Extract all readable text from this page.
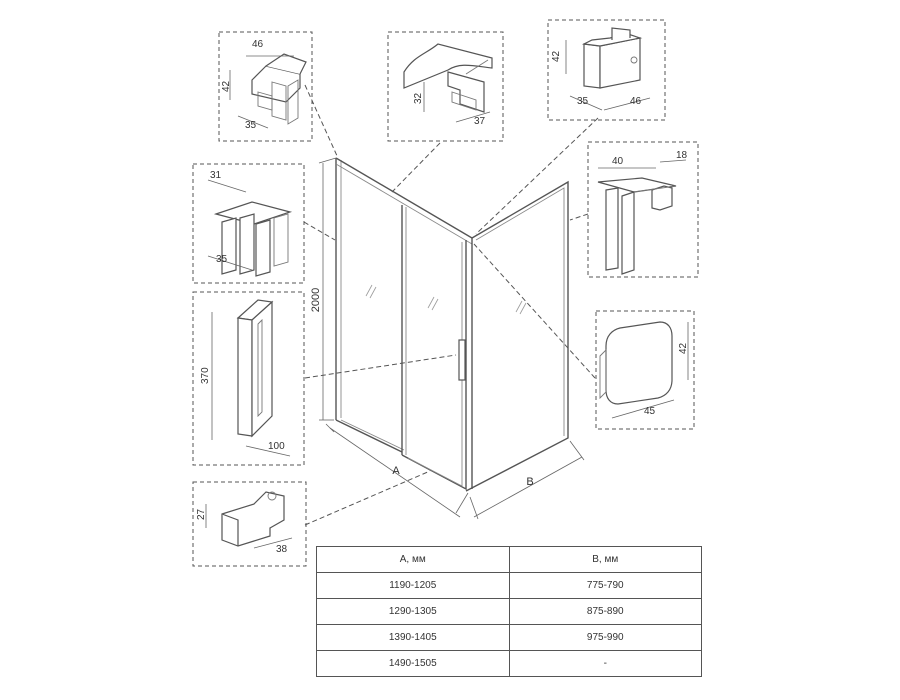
2000
A
B
46
42
35
32
37
42
35	46
31
35
40
18
370
100
42
45
27
38
А, мм	В, мм
1190-1205	775-790
1290-1305	875-890
1390-1405	975-990
1490-1505	-
